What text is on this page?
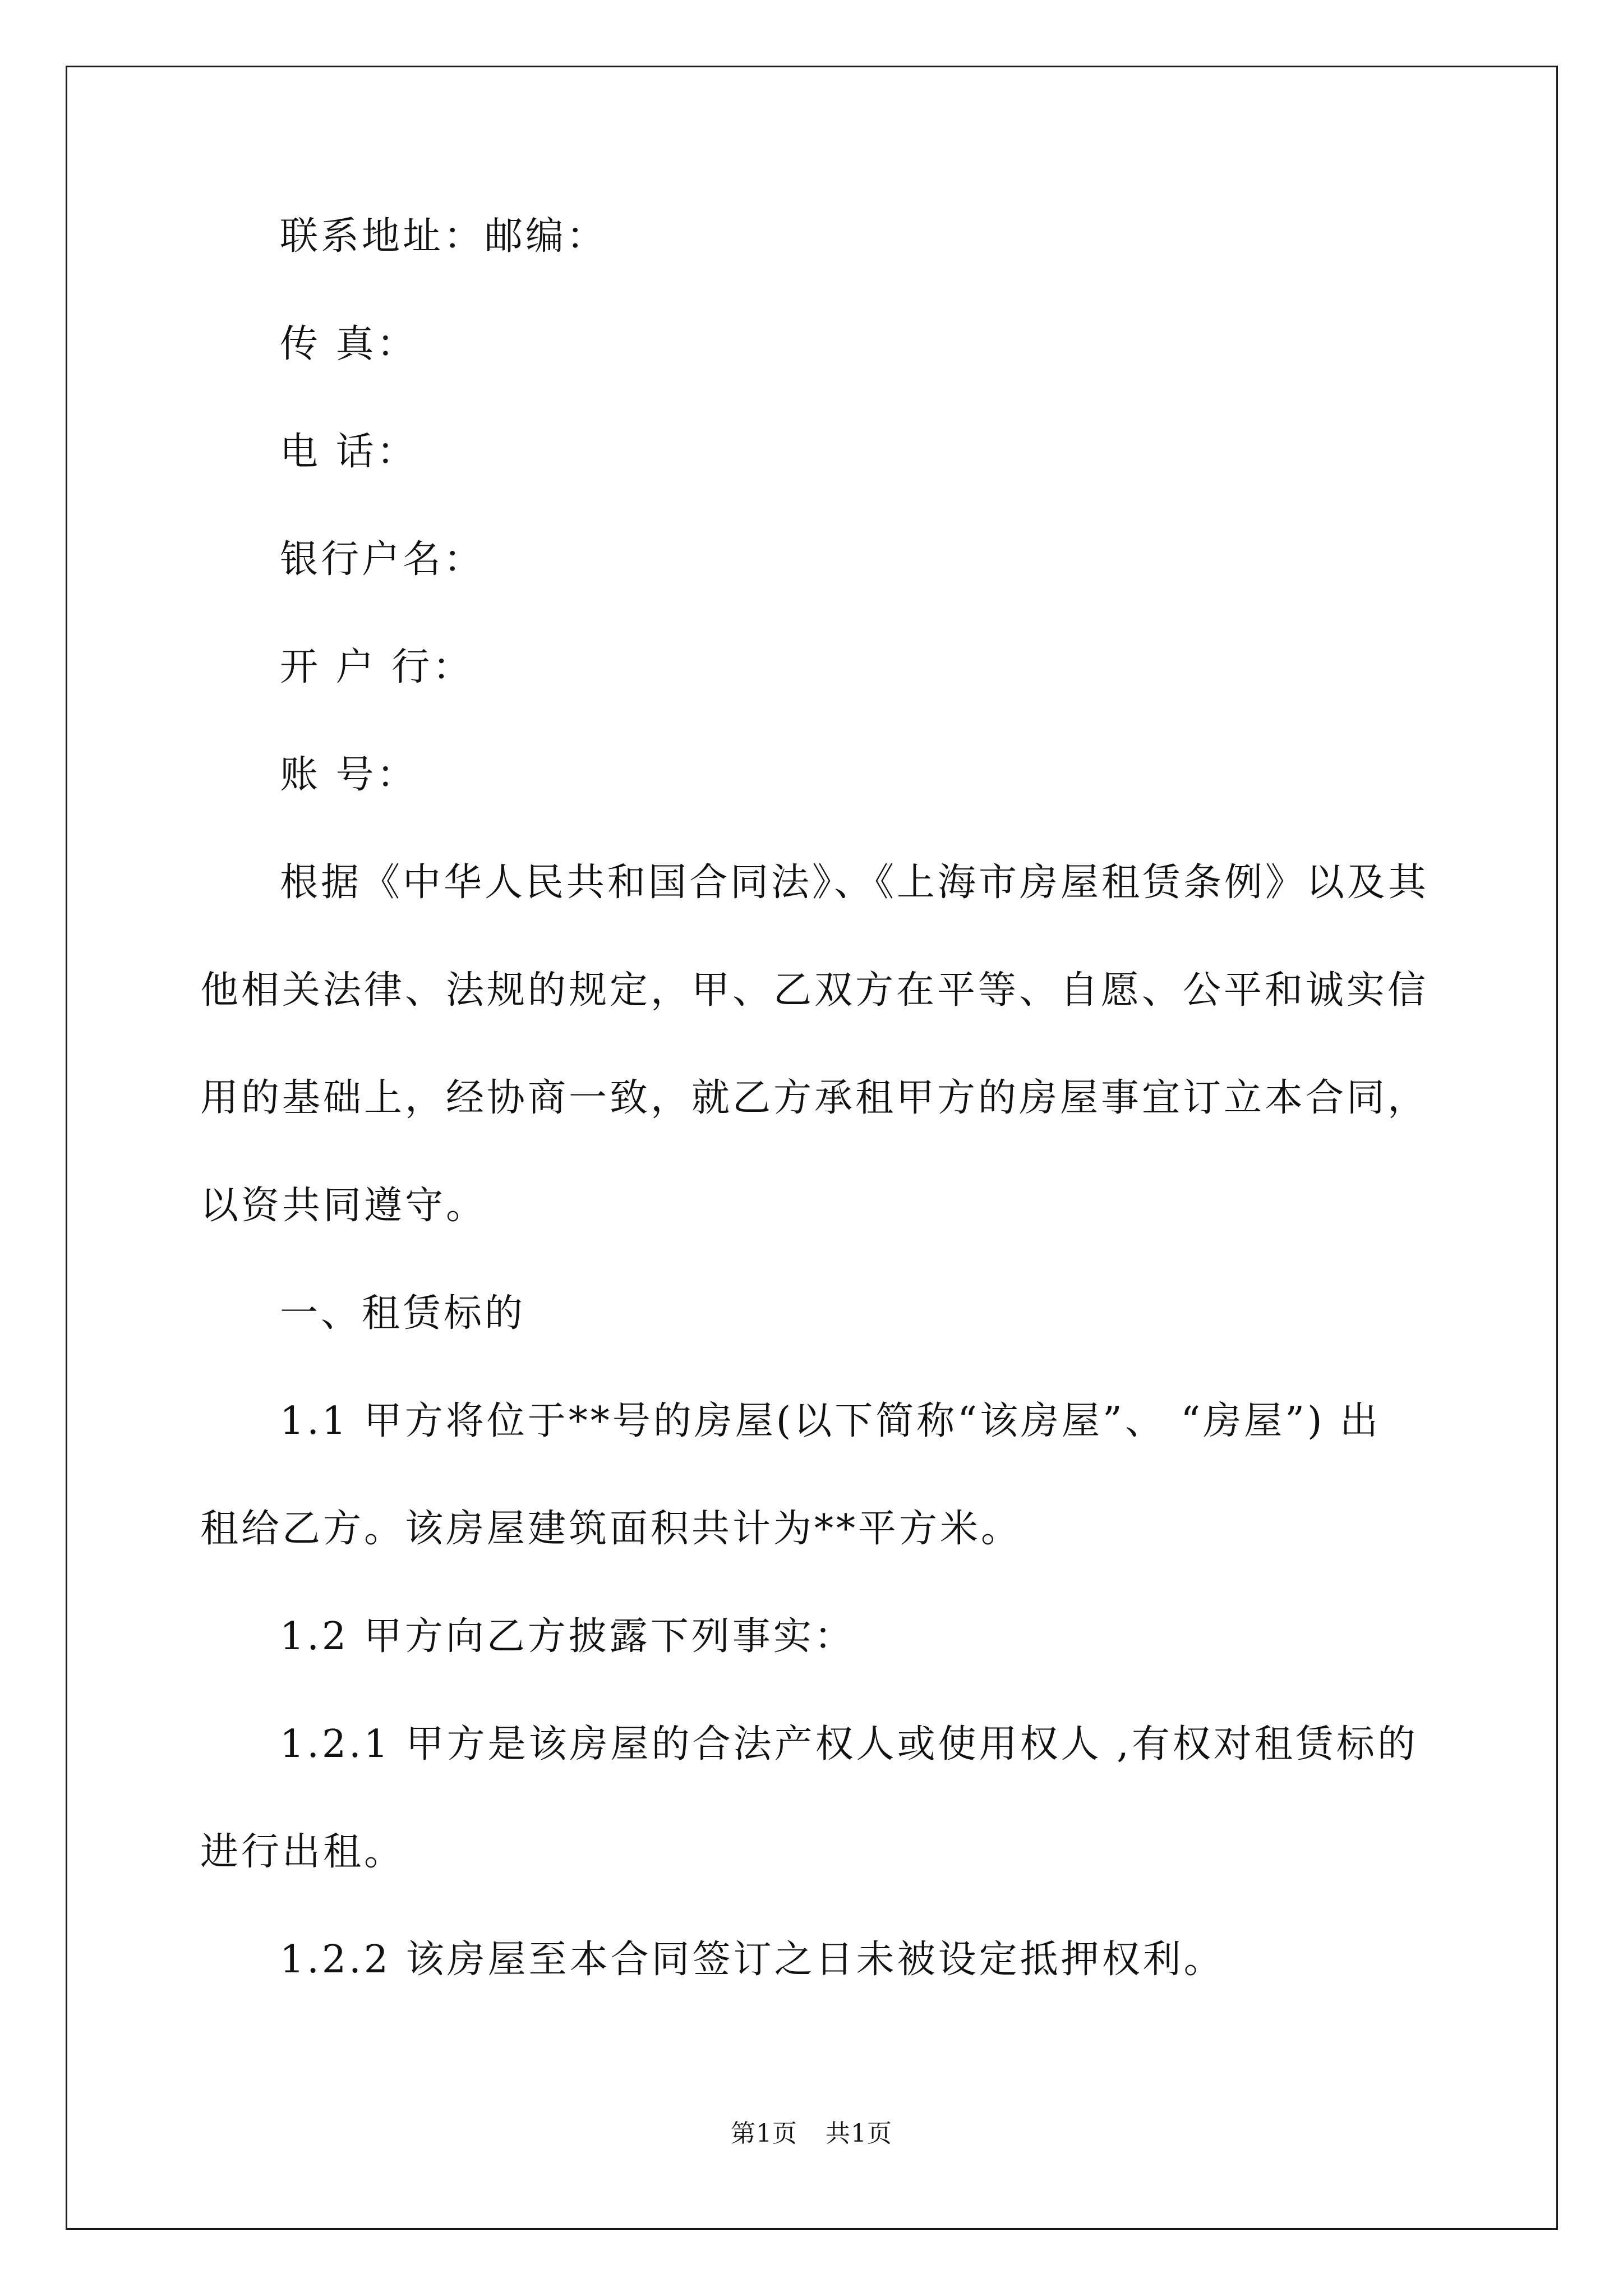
联系地址：邮编：
传 真：
电 话：
银行户名：
开 户 行：
账 号：
根据《中华人民共和国合同法》、《上海市房屋租赁条例》以及其
他相关法律、法规的规定，甲、乙双方在平等、自愿、公平和诚实信
用的基础上，经协商一致，就乙方承租甲方的房屋事宜订立本合同，
以资共同遵守。
一、租赁标的
1.1 甲方将位于**号的房屋(以下简称“该房屋”、 “房屋”) 出
租给乙方。该房屋建筑面积共计为**平方米。
1.2 甲方向乙方披露下列事实：
1.2.1 甲方是该房屋的合法产权人或使用权人 ,有权对租赁标的
进行出租。
1.2.2 该房屋至本合同签订之日未被设定抵押权利。
第1页 共1页
